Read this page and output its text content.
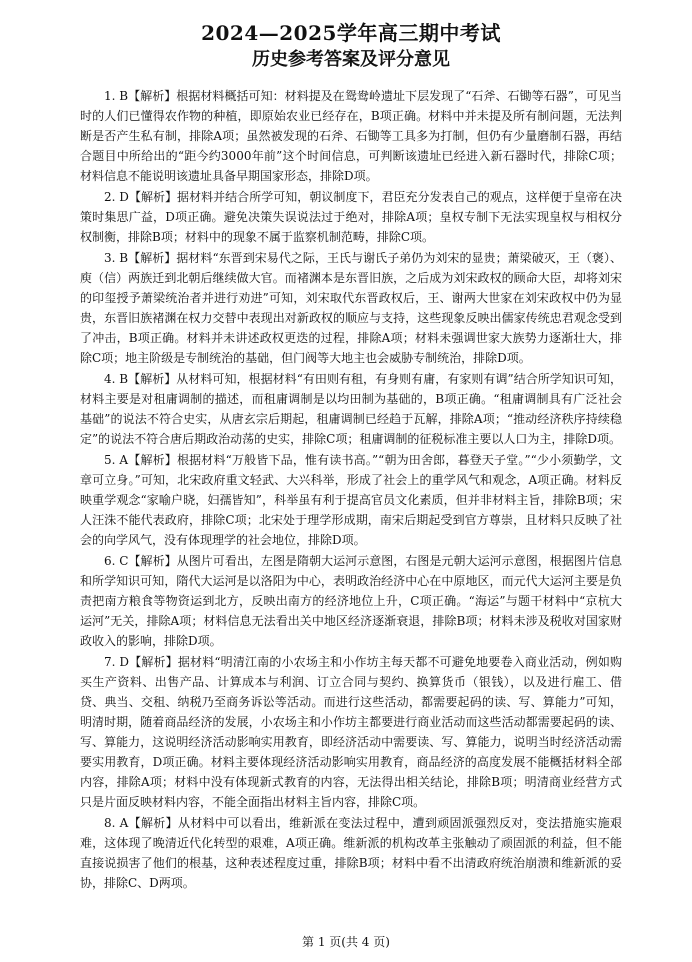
2024—2025学年高三期中考试
历史参考答案及评分意见

1. B【解析】根据材料概括可知：材料提及在鸳鸯岭遗址下层发现了“石斧、石锄等石器”，可见当时的人们已懂得农作物的种植，即原始农业已经存在，B项正确。材料中并未提及所有制问题，无法判断是否产生私有制，排除A项；虽然被发现的石斧、石锄等工具多为打制，但仍有少量磨制石器，再结合题目中所给出的“距今约3000年前”这个时间信息，可判断该遗址已经进入新石器时代，排除C项；材料信息不能说明该遗址具备早期国家形态，排除D项。

2. D【解析】据材料并结合所学可知，朝议制度下，君臣充分发表自己的观点，这样便于皇帝在决策时集思广益，D项正确。避免决策失误说法过于绝对，排除A项；皇权专制下无法实现皇权与相权分权制衡，排除B项；材料中的现象不属于监察机制范畴，排除C项。

3. B【解析】据材料“东晋到宋易代之际，王氏与谢氏子弟仍为刘宋的显贵；萧梁破灭，王（褒）、庾（信）两族迁到北朝后继续做大官。而褚渊本是东晋旧族，之后成为刘宋政权的顾命大臣，却将刘宋的印玺授予萧梁统治者并进行劝进”可知，刘宋取代东晋政权后，王、谢两大世家在刘宋政权中仍为显贵，东晋旧族褚渊在权力交替中表现出对新政权的顺应与支持，这些现象反映出儒家传统忠君观念受到了冲击，B项正确。材料并未讲述政权更迭的过程，排除A项；材料未强调世家大族势力逐渐壮大，排除C项；地主阶级是专制统治的基础，但门阀等大地主也会威胁专制统治，排除D项。

4. B【解析】从材料可知，根据材料“有田则有租，有身则有庸，有家则有调”结合所学知识可知，材料主要是对租庸调制的描述，而租庸调制是以均田制为基础的，B项正确。“租庸调制具有广泛社会基础”的说法不符合史实，从唐玄宗后期起，租庸调制已经趋于瓦解，排除A项；“推动经济秩序持续稳定”的说法不符合唐后期政治动荡的史实，排除C项；租庸调制的征税标准主要以人口为主，排除D项。

5. A【解析】根据材料“万般皆下品，惟有读书高。”“朝为田舍郎，暮登天子堂。”“少小须勤学，文章可立身。”可知，北宋政府重文轻武、大兴科举，形成了社会上的重学风气和观念，A项正确。材料反映重学观念“家喻户晓，妇孺皆知”，科举虽有利于提高官员文化素质，但并非材料主旨，排除B项；宋人汪洙不能代表政府，排除C项；北宋处于理学形成期，南宋后期起受到官方尊崇，且材料只反映了社会的向学风气，没有体现理学的社会地位，排除D项。

6. C【解析】从图片可看出，左图是隋朝大运河示意图，右图是元朝大运河示意图，根据图片信息和所学知识可知，隋代大运河是以洛阳为中心，表明政治经济中心在中原地区，而元代大运河主要是负责把南方粮食等物资运到北方，反映出南方的经济地位上升，C项正确。“海运”与题干材料中“京杭大运河”无关，排除A项；材料信息无法看出关中地区经济逐渐衰退，排除B项；材料未涉及税收对国家财政收入的影响，排除D项。

7. D【解析】据材料“明清江南的小农场主和小作坊主每天都不可避免地要卷入商业活动，例如购买生产资料、出售产品、计算成本与利润、订立合同与契约、换算货币（银钱），以及进行雇工、借贷、典当、交租、纳税乃至商务诉讼等活动。而进行这些活动，都需要起码的读、写、算能力”可知，明清时期，随着商品经济的发展，小农场主和小作坊主都要进行商业活动而这些活动都需要起码的读、写、算能力，这说明经济活动影响实用教育，即经济活动中需要读、写、算能力，说明当时经济活动需要实用教育，D项正确。材料主要体现经济活动影响实用教育，商品经济的高度发展不能概括材料全部内容，排除A项；材料中没有体现新式教育的内容，无法得出相关结论，排除B项；明清商业经营方式只是片面反映材料内容，不能全面指出材料主旨内容，排除C项。

8. A【解析】从材料中可以看出，维新派在变法过程中，遭到顽固派强烈反对，变法措施实施艰难，这体现了晚清近代化转型的艰难，A项正确。维新派的机构改革主张触动了顽固派的利益，但不能直接说损害了他们的根基，这种表述程度过重，排除B项；材料中看不出清政府统治崩溃和维新派的妥协，排除C、D两项。

第 1 页(共 4 页)
